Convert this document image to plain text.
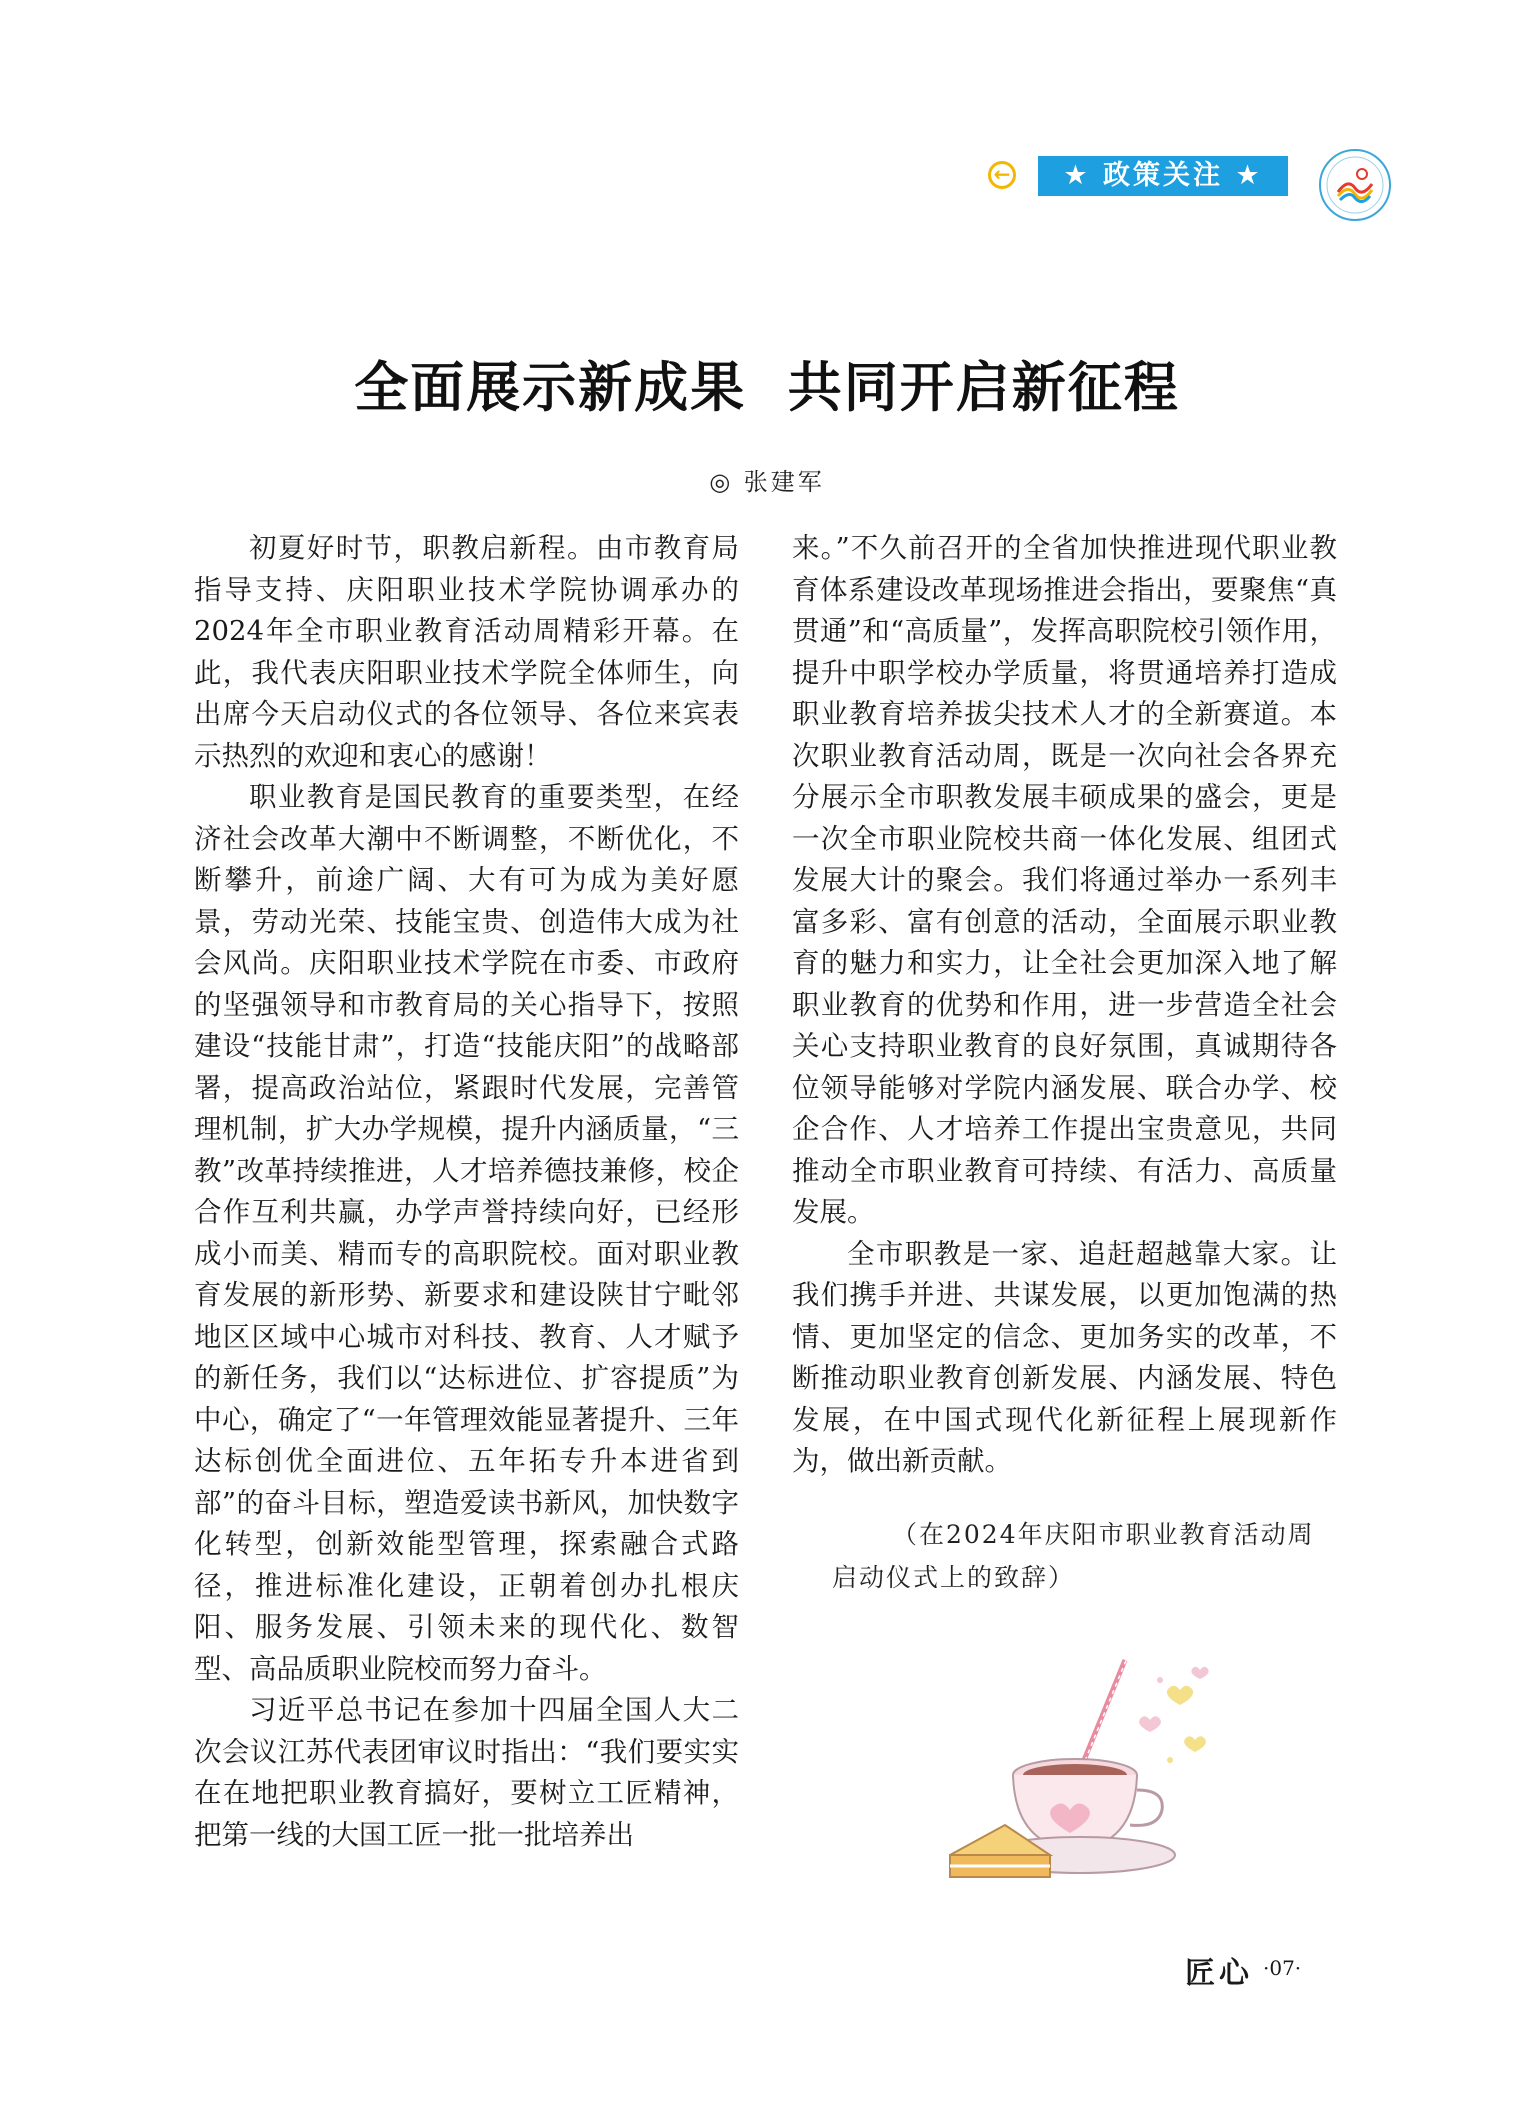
←	★ 政策关注 ★
全面展示新成果  共同开启新征程
◎ 张建军

初夏好时节，职教启新程。由市教育局指导支持、庆阳职业技术学院协调承办的2024年全市职业教育活动周精彩开幕。在此，我代表庆阳职业技术学院全体师生，向出席今天启动仪式的各位领导、各位来宾表示热烈的欢迎和衷心的感谢！

职业教育是国民教育的重要类型，在经济社会改革大潮中不断调整，不断优化，不断攀升，前途广阔、大有可为成为美好愿景，劳动光荣、技能宝贵、创造伟大成为社会风尚。庆阳职业技术学院在市委、市政府的坚强领导和市教育局的关心指导下，按照建设“技能甘肃”，打造“技能庆阳”的战略部署，提高政治站位，紧跟时代发展，完善管理机制，扩大办学规模，提升内涵质量，“三教”改革持续推进，人才培养德技兼修，校企合作互利共赢，办学声誉持续向好，已经形成小而美、精而专的高职院校。面对职业教育发展的新形势、新要求和建设陕甘宁毗邻地区区域中心城市对科技、教育、人才赋予的新任务，我们以“达标进位、扩容提质”为中心，确定了“一年管理效能显著提升、三年达标创优全面进位、五年拓专升本进省到部”的奋斗目标，塑造爱读书新风，加快数字化转型，创新效能型管理，探索融合式路径，推进标准化建设，正朝着创办扎根庆阳、服务发展、引领未来的现代化、数智型、高品质职业院校而努力奋斗。

习近平总书记在参加十四届全国人大二次会议江苏代表团审议时指出：“我们要实实在在地把职业教育搞好，要树立工匠精神，把第一线的大国工匠一批一批培养出

来。”不久前召开的全省加快推进现代职业教育体系建设改革现场推进会指出，要聚焦“真贯通”和“高质量”，发挥高职院校引领作用，提升中职学校办学质量，将贯通培养打造成职业教育培养拔尖技术人才的全新赛道。本次职业教育活动周，既是一次向社会各界充分展示全市职教发展丰硕成果的盛会，更是一次全市职业院校共商一体化发展、组团式发展大计的聚会。我们将通过举办一系列丰富多彩、富有创意的活动，全面展示职业教育的魅力和实力，让全社会更加深入地了解职业教育的优势和作用，进一步营造全社会关心支持职业教育的良好氛围，真诚期待各位领导能够对学院内涵发展、联合办学、校企合作、人才培养工作提出宝贵意见，共同推动全市职业教育可持续、有活力、高质量发展。

全市职教是一家、追赶超越靠大家。让我们携手并进、共谋发展，以更加饱满的热情、更加坚定的信念、更加务实的改革，不断推动职业教育创新发展、内涵发展、特色发展，在中国式现代化新征程上展现新作为，做出新贡献。

（在2024年庆阳市职业教育活动周
启动仪式上的致辞）
匠心 ·07·
